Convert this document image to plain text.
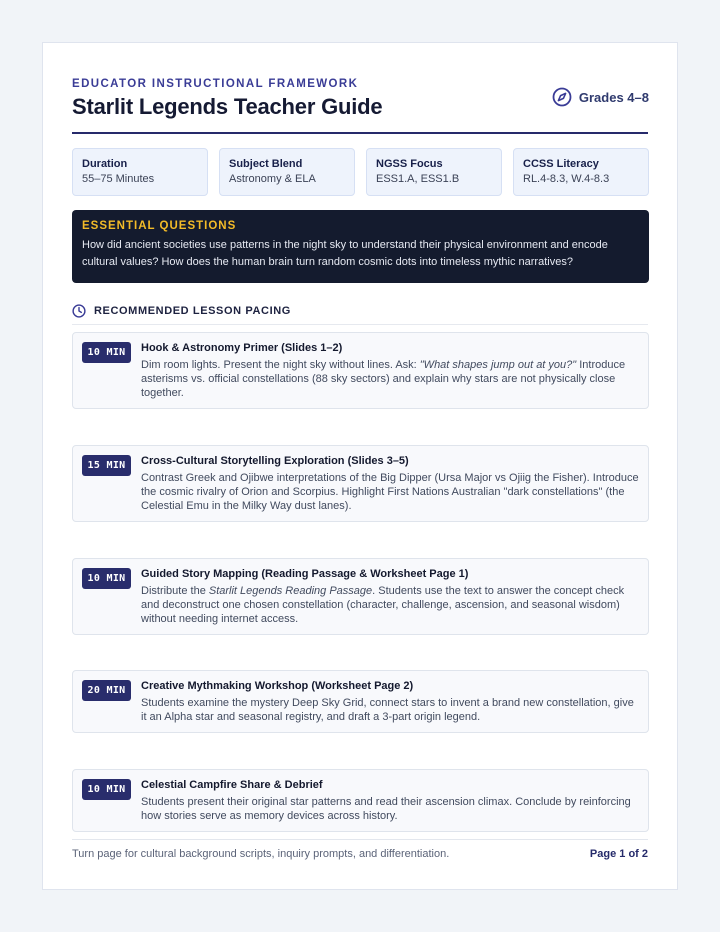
EDUCATOR INSTRUCTIONAL FRAMEWORK
Starlit Legends Teacher Guide	Grades 4–8
Duration
55–75 Minutes
Subject Blend
Astronomy & ELA
NGSS Focus
ESS1.A, ESS1.B
CCSS Literacy
RL.4-8.3, W.4-8.3
ESSENTIAL QUESTIONS
How did ancient societies use patterns in the night sky to understand their physical environment and encode cultural values? How does the human brain turn random cosmic dots into timeless mythic narratives?
RECOMMENDED LESSON PACING
10 MIN	Hook & Astronomy Primer (Slides 1–2)
Dim room lights. Present the night sky without lines. Ask: "What shapes jump out at you?" Introduce asterisms vs. official constellations (88 sky sectors) and explain why stars are not physically close together.
15 MIN	Cross-Cultural Storytelling Exploration (Slides 3–5)
Contrast Greek and Ojibwe interpretations of the Big Dipper (Ursa Major vs Ojiig the Fisher). Introduce the cosmic rivalry of Orion and Scorpius. Highlight First Nations Australian "dark constellations" (the Celestial Emu in the Milky Way dust lanes).
10 MIN	Guided Story Mapping (Reading Passage & Worksheet Page 1)
Distribute the Starlit Legends Reading Passage. Students use the text to answer the concept check and deconstruct one chosen constellation (character, challenge, ascension, and seasonal wisdom) without needing internet access.
20 MIN	Creative Mythmaking Workshop (Worksheet Page 2)
Students examine the mystery Deep Sky Grid, connect stars to invent a brand new constellation, give it an Alpha star and seasonal registry, and draft a 3-part origin legend.
10 MIN	Celestial Campfire Share & Debrief
Students present their original star patterns and read their ascension climax. Conclude by reinforcing how stories serve as memory devices across history.
Turn page for cultural background scripts, inquiry prompts, and differentiation.	Page 1 of 2
